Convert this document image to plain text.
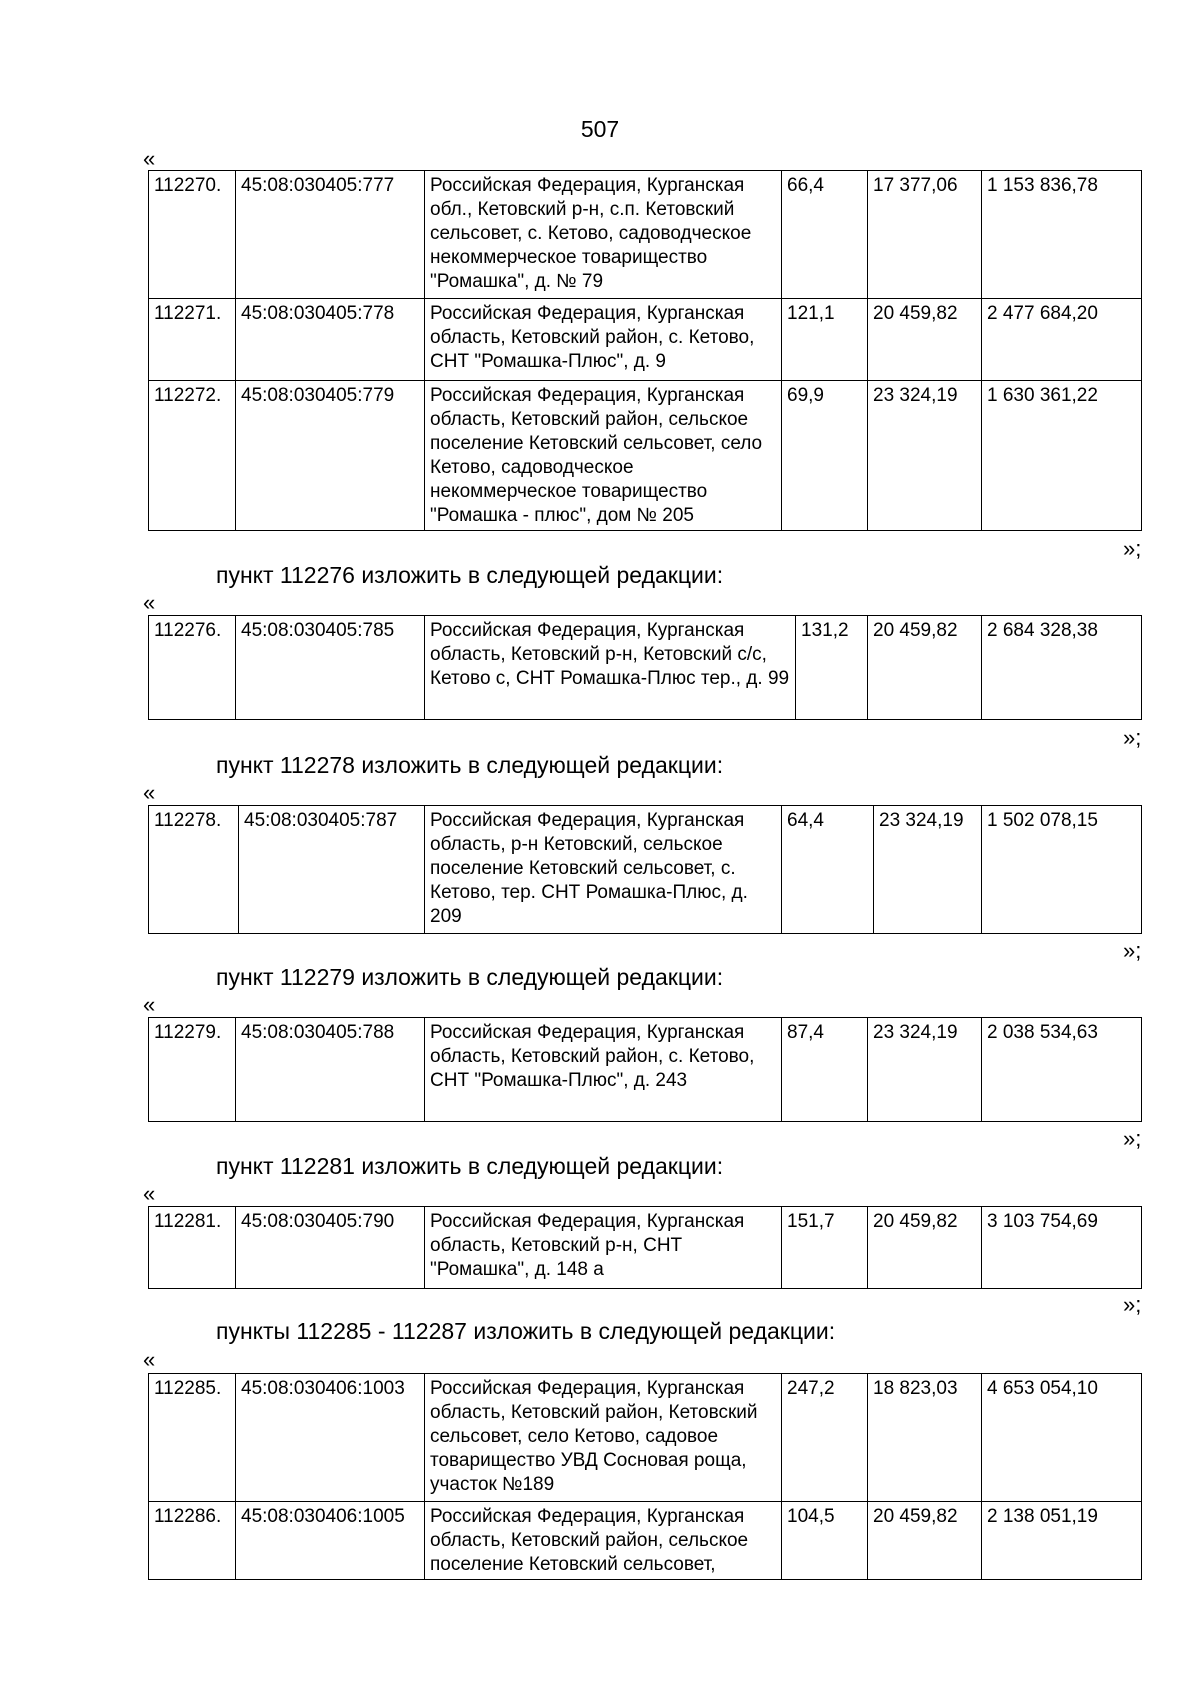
507
«
112270.	45:08:030405:777	Российская Федерация, Курганская обл., Кетовский р-н, с.п. Кетовский сельсовет, с. Кетово, садоводческое некоммерческое товарищество "Ромашка", д. № 79	66,4	17 377,06	1 153 836,78
112271.	45:08:030405:778	Российская Федерация, Курганская область, Кетовский район, с. Кетово, СНТ "Ромашка-Плюс", д. 9	121,1	20 459,82	2 477 684,20
112272.	45:08:030405:779	Российская Федерация, Курганская область, Кетовский район, сельское поселение Кетовский сельсовет, село Кетово, садоводческое некоммерческое товарищество "Ромашка - плюс", дом № 205	69,9	23 324,19	1 630 361,22
»;
пункт 112276 изложить в следующей редакции:
«
112276.	45:08:030405:785	Российская Федерация, Курганская область, Кетовский р-н, Кетовский с/с, Кетово с, СНТ Ромашка-Плюс тер., д. 99	131,2	20 459,82	2 684 328,38
»;
пункт 112278 изложить в следующей редакции:
«
112278.	45:08:030405:787	Российская Федерация, Курганская область, р-н Кетовский, сельское поселение Кетовский сельсовет, с. Кетово, тер. СНТ Ромашка-Плюс, д. 209	64,4	23 324,19	1 502 078,15
»;
пункт 112279 изложить в следующей редакции:
«
112279.	45:08:030405:788	Российская Федерация, Курганская область, Кетовский район, с. Кетово, СНТ "Ромашка-Плюс", д. 243	87,4	23 324,19	2 038 534,63
»;
пункт 112281 изложить в следующей редакции:
«
112281.	45:08:030405:790	Российская Федерация, Курганская область, Кетовский р-н, СНТ "Ромашка", д. 148 а	151,7	20 459,82	3 103 754,69
»;
пункты 112285 - 112287 изложить в следующей редакции:
«
112285.	45:08:030406:1003	Российская Федерация, Курганская область, Кетовский район, Кетовский сельсовет, село Кетово, садовое товарищество УВД Сосновая роща, участок №189	247,2	18 823,03	4 653 054,10
112286.	45:08:030406:1005	Российская Федерация, Курганская область, Кетовский район, сельское поселение Кетовский сельсовет,	104,5	20 459,82	2 138 051,19
